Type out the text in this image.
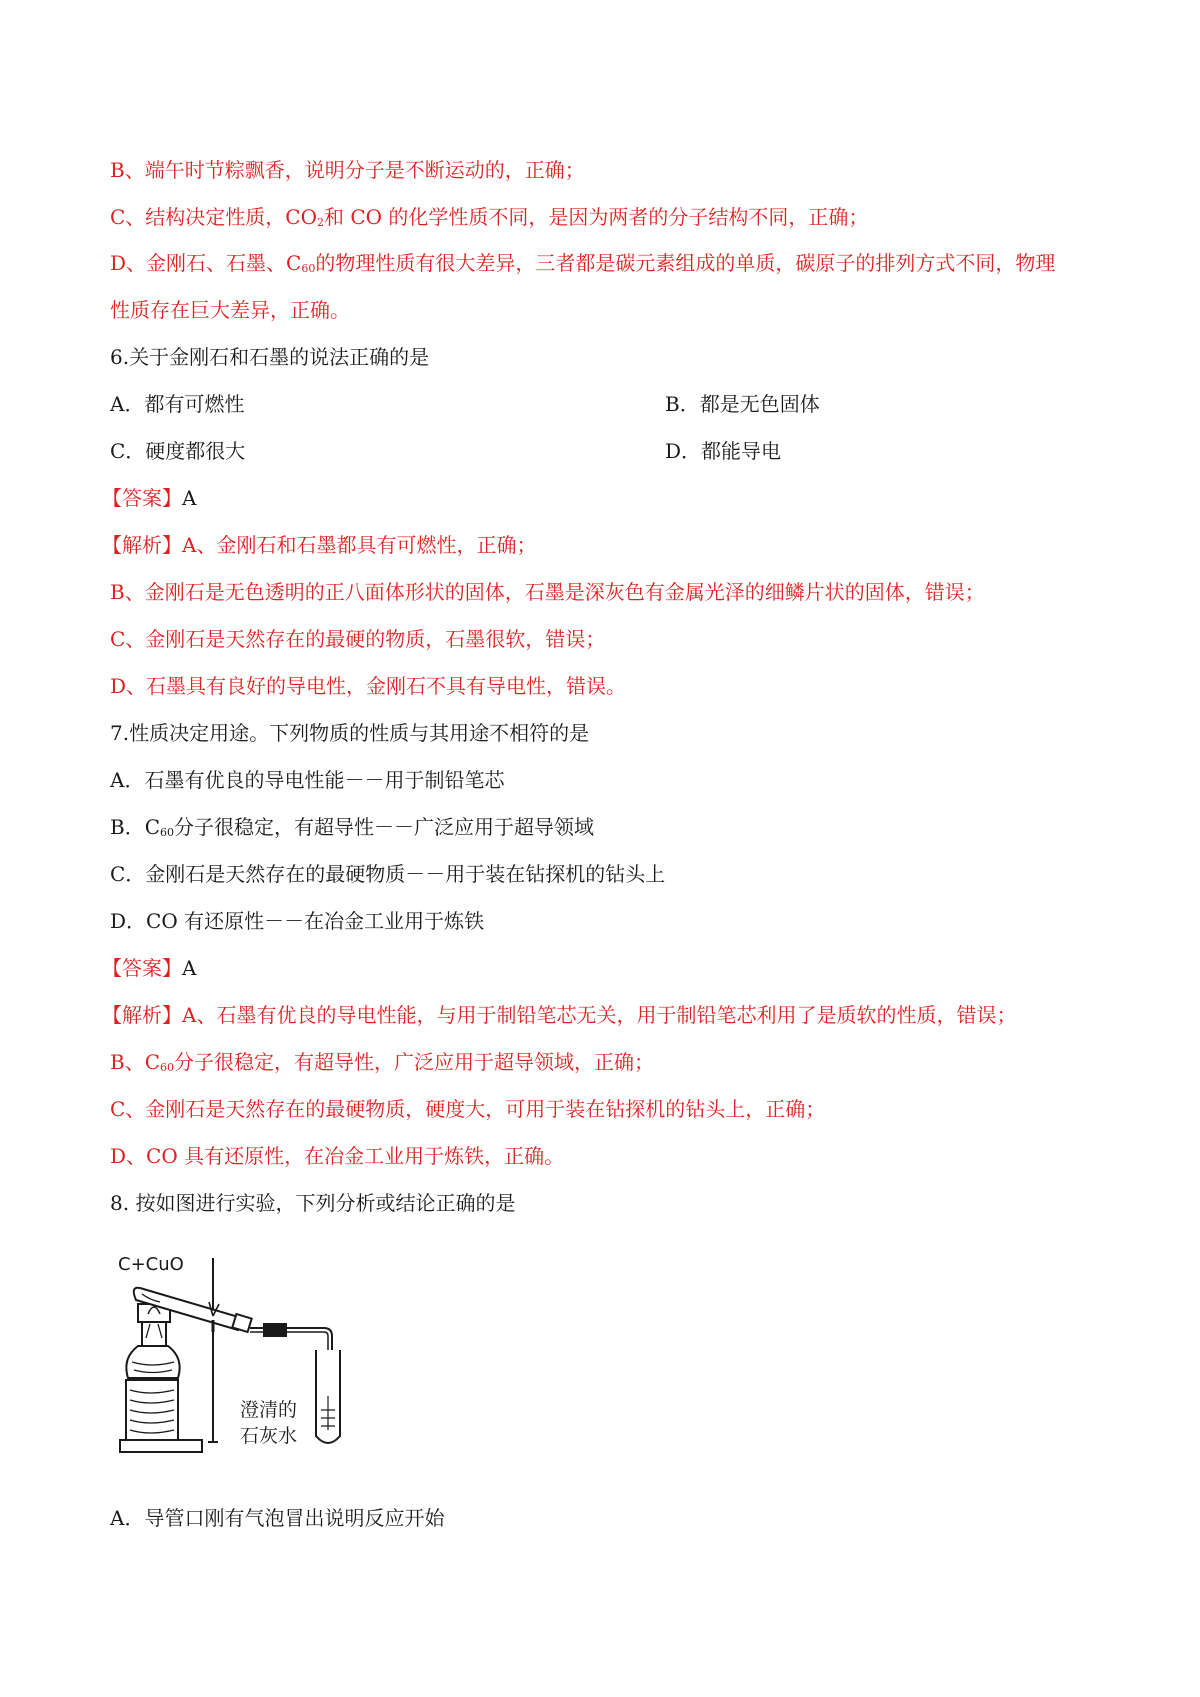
B、端午时节粽飘香，说明分子是不断运动的，正确；
C、结构决定性质，$CO_2$和 CO 的化学性质不同，是因为两者的分子结构不同，正确；
D、金刚石、石墨、$C_{60}$的物理性质有很大差异，三者都是碳元素组成的单质，碳原子的排列方式不同，物理
性质存在巨大差异，正确。
6.关于金刚石和石墨的说法正确的是
A．都有可燃性	B．都是无色固体
C．硬度都很大	D．都能导电
【答案】A
【解析】A、金刚石和石墨都具有可燃性，正确；
B、金刚石是无色透明的正八面体形状的固体，石墨是深灰色有金属光泽的细鳞片状的固体，错误；
C、金刚石是天然存在的最硬的物质，石墨很软，错误；
D、石墨具有良好的导电性，金刚石不具有导电性，错误。
7.性质决定用途。下列物质的性质与其用途不相符的是
A．石墨有优良的导电性能－－用于制铅笔芯
B．$C_{60}$分子很稳定，有超导性－－广泛应用于超导领域
C．金刚石是天然存在的最硬物质－－用于装在钻探机的钻头上
D．CO 有还原性－－在冶金工业用于炼铁
【答案】A
【解析】A、石墨有优良的导电性能，与用于制铅笔芯无关，用于制铅笔芯利用了是质软的性质，错误；
B、$C_{60}$分子很稳定，有超导性，广泛应用于超导领域，正确；
C、金刚石是天然存在的最硬物质，硬度大，可用于装在钻探机的钻头上，正确；
D、CO 具有还原性，在冶金工业用于炼铁，正确。
8. 按如图进行实验，下列分析或结论正确的是
C+CuO
澄清的
石灰水
A．导管口刚有气泡冒出说明反应开始
